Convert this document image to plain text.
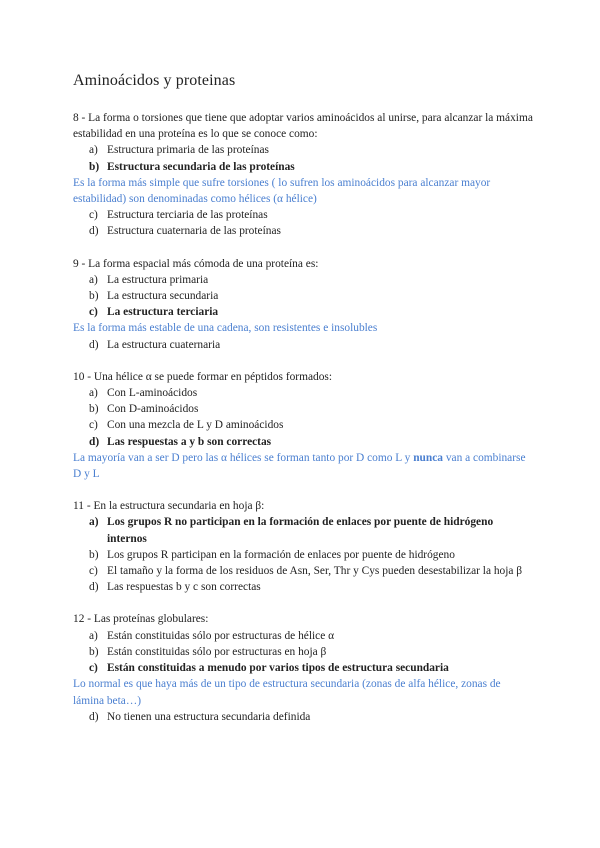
Aminoácidos y proteinas

8 - La forma o torsiones que tiene que adoptar varios aminoácidos al unirse, para alcanzar la máxima estabilidad en una proteína es lo que se conoce como:

a) Estructura primaria de las proteínas
b) Estructura secundaria de las proteínas

Es la forma más simple que sufre torsiones ( lo sufren los aminoácidos para alcanzar mayor estabilidad) son denominadas como hélices (α hélice)

c) Estructura terciaria de las proteínas
d) Estructura cuaternaria de las proteínas

9 - La forma espacial más cómoda de una proteína es:

a) La estructura primaria
b) La estructura secundaria
c) La estructura terciaria

Es la forma más estable de una cadena, son resistentes e insolubles

d) La estructura cuaternaria

10 - Una hélice α se puede formar en péptidos formados:

a) Con L-aminoácidos
b) Con D-aminoácidos
c) Con una mezcla de L y D aminoácidos
d) Las respuestas a y b son correctas

La mayoría van a ser D pero las α hélices se forman tanto por D como L y nunca van a combinarse D y L

11 - En la estructura secundaria en hoja β:

a) Los grupos R no participan en la formación de enlaces por puente de hidrógeno internos
b) Los grupos R participan en la formación de enlaces por puente de hidrógeno
c) El tamaño y la forma de los residuos de Asn, Ser, Thr y Cys pueden desestabilizar la hoja β
d) Las respuestas b y c son correctas

12 - Las proteínas globulares:

a) Están constituidas sólo por estructuras de hélice α
b) Están constituidas sólo por estructuras en hoja β
c) Están constituidas a menudo por varios tipos de estructura secundaria

Lo normal es que haya más de un tipo de estructura secundaria (zonas de alfa hélice, zonas de lámina beta…)

d) No tienen una estructura secundaria definida
